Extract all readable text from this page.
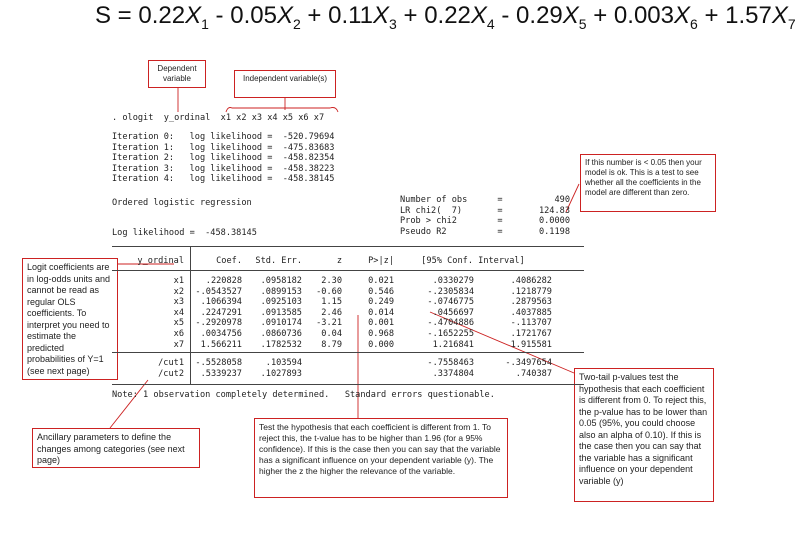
$S = 0.22X_1 - 0.05X_2 + 0.11X_3 + 0.22X_4 - 0.29X_5 + 0.003X_6 + 1.57X_7$
Dependent variable	Independent variable(s)
If this number is < 0.05 then your model is ok. This is a test to see whether all the coefficients in the model are different than zero.
Logit coefficients are in log-odds units and cannot be read as regular OLS coefficients. To interpret you need to estimate the predicted probabilities of Y=1 (see next page)
Two-tail p-values test the hypothesis that each coefficient is different from 0. To reject this, the p-value has to be lower than 0.05 (95%, you could choose also an alpha of 0.10). If this is the case then you can say that the variable has a significant influence on your dependent variable (y)
Ancillary parameters to define the changes among categories (see next page)
Test the hypothesis that each coefficient is different from 1. To reject this, the t-value has to be higher than 1.96 (for a 95% confidence). If this is the case then you can say that the variable has a significant influence on your dependent variable (y). The higher the z the higher the relevance of the variable.
. ologit  y_ordinal  x1 x2 x3 x4 x5 x6 x7
Iteration 0:   log likelihood =  -520.79694
Iteration 1:   log likelihood =  -475.83683
Iteration 2:   log likelihood =  -458.82354
Iteration 3:   log likelihood =  -458.38223
Iteration 4:   log likelihood =  -458.38145
Ordered logistic regression
Log likelihood =  -458.38145
Number of obs	=	490
LR chi2(  7)	=	124.83
Prob > chi2	=	0.0000
Pseudo R2	=	0.1198
y_ordinal	Coef. Std. Err.	z	P>|z|	[95% Conf. Interval]
x1	.220828 .0958182 2.30	0.021	.0330279	.4086282
x2 -.0543527 .0899153 -0.60	0.546	-.2305834	.1218779
x3 .1066394 .0925103 1.15	0.249	-.0746775	.2879563
x4 .2247291 .0913585 2.46	0.014	.0456697	.4037885
x5 -.2920978 .0910174 -3.21	0.001	-.4704886	-.113707
x6 .0034756 .0860736 0.04	0.968	-.1652255	.1721767
x7 1.566211 .1782532 8.79	0.000	1.216841	1.915581
/cut1 -.5528058	.103594	-.7558463	-.3497654
/cut2 .5339237 .1027893	.3374804	.740387
Note: 1 observation completely determined.   Standard errors questionable.
